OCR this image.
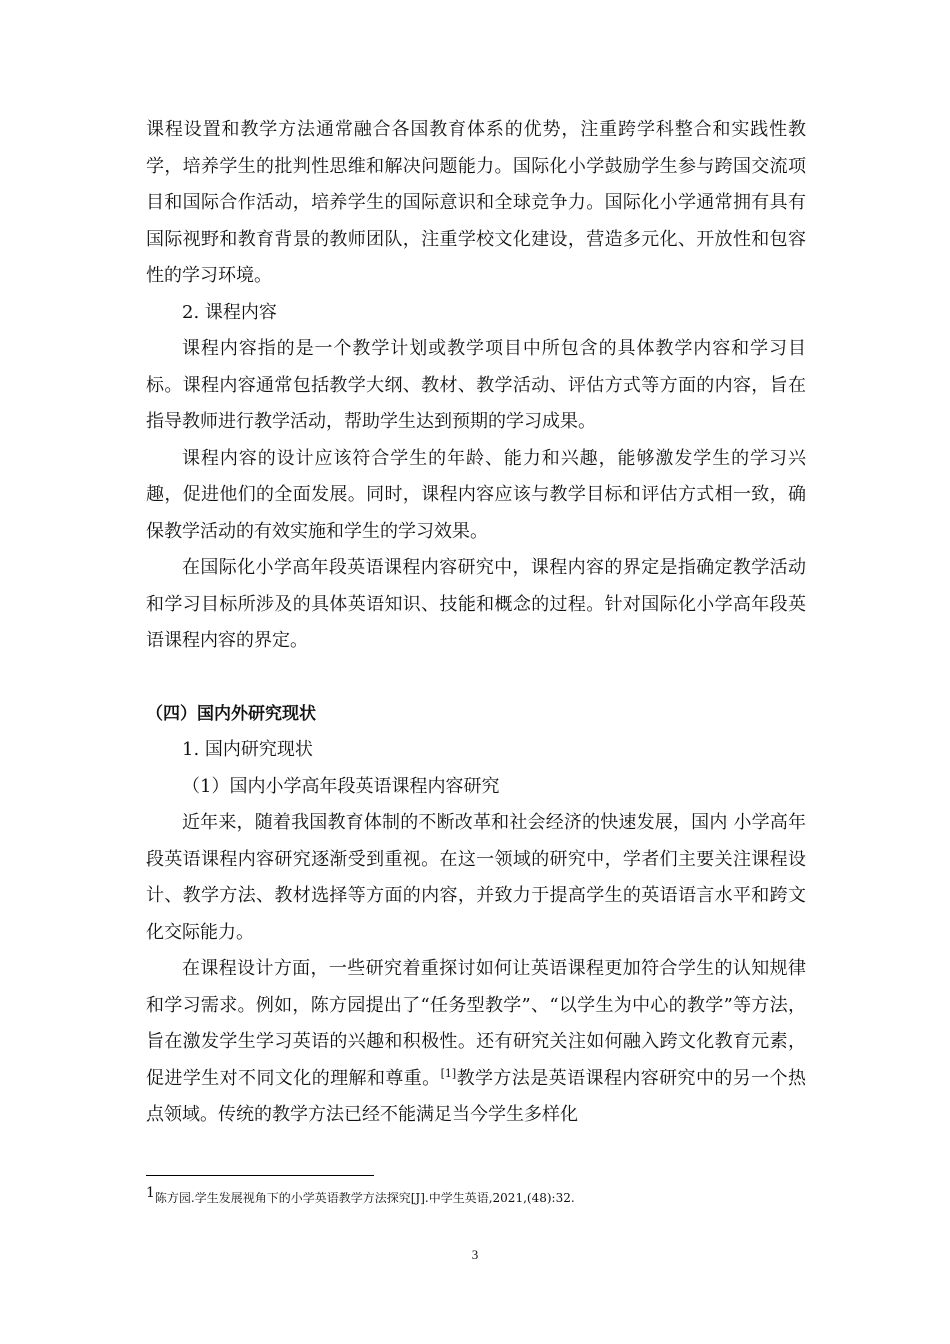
课程设置和教学方法通常融合各国教育体系的优势，注重跨学科整合和实践性教学，培养学生的批判性思维和解决问题能力。国际化小学鼓励学生参与跨国交流项目和国际合作活动，培养学生的国际意识和全球竞争力。国际化小学通常拥有具有国际视野和教育背景的教师团队，注重学校文化建设，营造多元化、开放性和包容性的学习环境。

2. 课程内容

课程内容指的是一个教学计划或教学项目中所包含的具体教学内容和学习目标。课程内容通常包括教学大纲、教材、教学活动、评估方式等方面的内容，旨在指导教师进行教学活动，帮助学生达到预期的学习成果。

课程内容的设计应该符合学生的年龄、能力和兴趣，能够激发学生的学习兴趣，促进他们的全面发展。同时，课程内容应该与教学目标和评估方式相一致，确保教学活动的有效实施和学生的学习效果。

在国际化小学高年段英语课程内容研究中，课程内容的界定是指确定教学活动和学习目标所涉及的具体英语知识、技能和概念的过程。针对国际化小学高年段英语课程内容的界定。

（四）国内外研究现状

1. 国内研究现状

（1）国内小学高年段英语课程内容研究

近年来，随着我国教育体制的不断改革和社会经济的快速发展，国内 小学高年段英语课程内容研究逐渐受到重视。在这一领域的研究中，学者们主要关注课程设计、教学方法、教材选择等方面的内容，并致力于提高学生的英语语言水平和跨文化交际能力。

在课程设计方面，一些研究着重探讨如何让英语课程更加符合学生的认知规律和学习需求。例如，陈方园提出了“任务型教学”、“以学生为中心的教学”等方法，旨在激发学生学习英语的兴趣和积极性。还有研究关注如何融入跨文化教育元素，促进学生对不同文化的理解和尊重。[1]教学方法是英语课程内容研究中的另一个热点领域。传统的教学方法已经不能满足当今学生多样化

1陈方园.学生发展视角下的小学英语教学方法探究[J].中学生英语,2021,(48):32.
3
